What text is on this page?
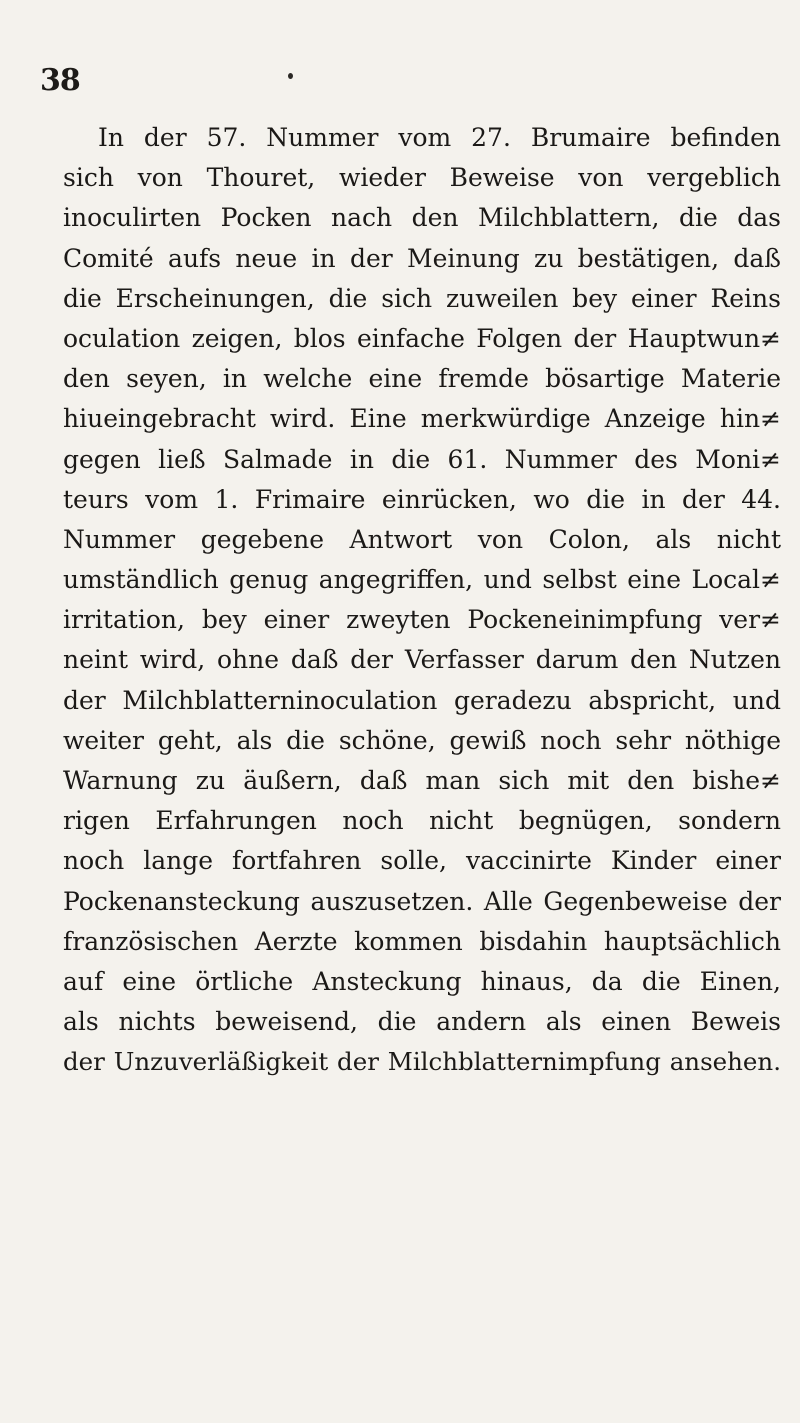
38
In der 57. Nummer vom 27. Brumaire befinden
sich von Thouret, wieder Beweise von vergeblich
inoculirten Pocken nach den Milchblattern, die das
Comité aufs neue in der Meinung zu bestätigen, daß
die Erscheinungen, die sich zuweilen bey einer Reins
oculation zeigen, blos einfache Folgen der Hauptwun≠
den seyen, in welche eine fremde bösartige Materie
hiueingebracht wird. Eine merkwürdige Anzeige hin≠
gegen ließ Salmade in die 61. Nummer des Moni≠
teurs vom 1. Frimaire einrücken, wo die in der 44.
Nummer gegebene Antwort von Colon, als nicht
umständlich genug angegriffen, und selbst eine Local≠
irritation, bey einer zweyten Pockeneinimpfung ver≠
neint wird, ohne daß der Verfasser darum den Nutzen
der Milchblatterninoculation geradezu abspricht, und
weiter geht, als die schöne, gewiß noch sehr nöthige
Warnung zu äußern, daß man sich mit den bishe≠
rigen Erfahrungen noch nicht begnügen, sondern
noch lange fortfahren solle, vaccinirte Kinder einer
Pockenansteckung auszusetzen. Alle Gegenbeweise der
französischen Aerzte kommen bisdahin hauptsächlich
auf eine örtliche Ansteckung hinaus, da die Einen,
als nichts beweisend, die andern als einen Beweis
der Unzuverläßigkeit der Milchblatternimpfung ansehen.
